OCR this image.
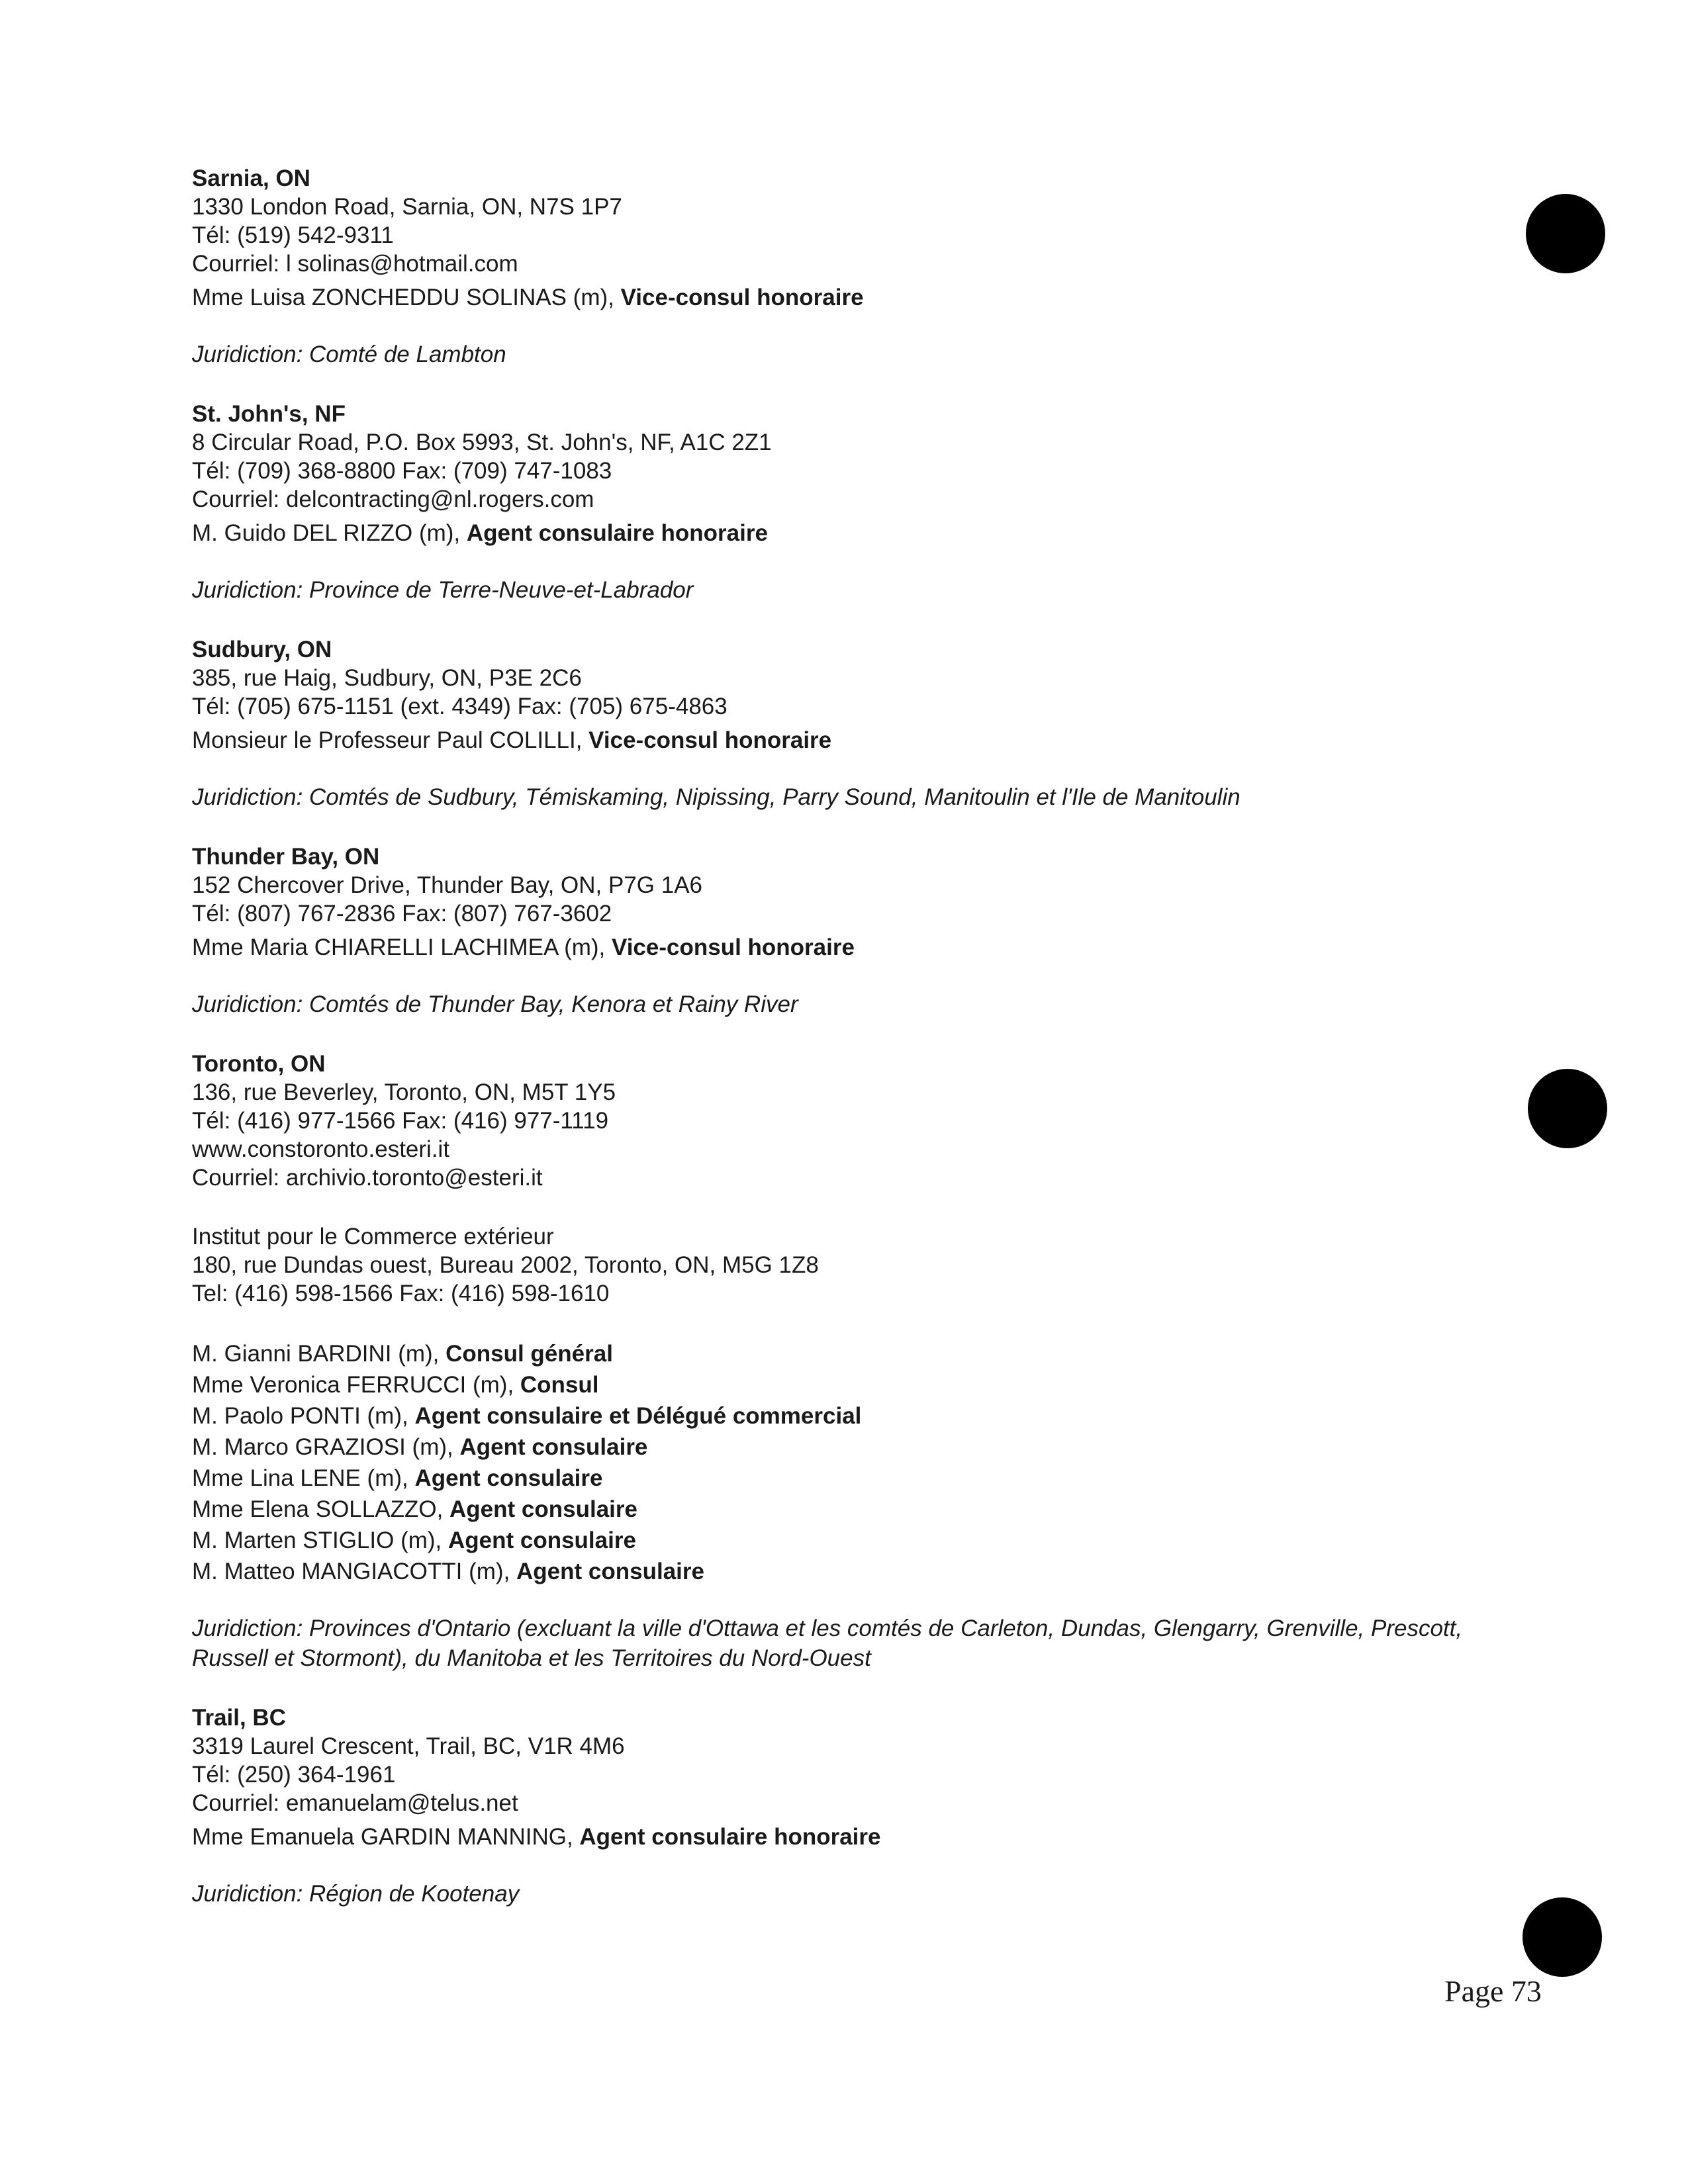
Sarnia, ON
1330 London Road, Sarnia, ON, N7S 1P7
Tél: (519) 542-9311
Courriel: l solinas@hotmail.com
Mme Luisa ZONCHEDDU SOLINAS (m), Vice-consul honoraire
Juridiction: Comté de Lambton
St. John's, NF
8 Circular Road, P.O. Box 5993, St. John's, NF, A1C 2Z1
Tél: (709) 368-8800 Fax: (709) 747-1083
Courriel: delcontracting@nl.rogers.com
M. Guido DEL RIZZO (m), Agent consulaire honoraire
Juridiction: Province de Terre-Neuve-et-Labrador
Sudbury, ON
385, rue Haig, Sudbury, ON, P3E 2C6
Tél: (705) 675-1151 (ext. 4349) Fax: (705) 675-4863
Monsieur le Professeur Paul COLILLI, Vice-consul honoraire
Juridiction: Comtés de Sudbury, Témiskaming, Nipissing, Parry Sound, Manitoulin et l'Ile de Manitoulin
Thunder Bay, ON
152 Chercover Drive, Thunder Bay, ON, P7G 1A6
Tél: (807) 767-2836 Fax: (807) 767-3602
Mme Maria CHIARELLI LACHIMEA (m), Vice-consul honoraire
Juridiction: Comtés de Thunder Bay, Kenora et Rainy River
Toronto, ON
136, rue Beverley, Toronto, ON, M5T 1Y5
Tél: (416) 977-1566 Fax: (416) 977-1119
www.constoronto.esteri.it
Courriel: archivio.toronto@esteri.it
Institut pour le Commerce extérieur
180, rue Dundas ouest, Bureau 2002, Toronto, ON, M5G 1Z8
Tel: (416) 598-1566 Fax: (416) 598-1610
M. Gianni BARDINI (m), Consul général
Mme Veronica FERRUCCI (m), Consul
M. Paolo PONTI (m), Agent consulaire et Délégué commercial
M. Marco GRAZIOSI (m), Agent consulaire
Mme Lina LENE (m), Agent consulaire
Mme Elena SOLLAZZO, Agent consulaire
M. Marten STIGLIO (m), Agent consulaire
M. Matteo MANGIACOTTI (m), Agent consulaire
Juridiction: Provinces d'Ontario (excluant la ville d'Ottawa et les comtés de Carleton, Dundas, Glengarry, Grenville, Prescott, Russell et Stormont), du Manitoba et les Territoires du Nord-Ouest
Trail, BC
3319 Laurel Crescent, Trail, BC, V1R 4M6
Tél: (250) 364-1961
Courriel: emanuelam@telus.net
Mme Emanuela GARDIN MANNING, Agent consulaire honoraire
Juridiction: Région de Kootenay
Page 73
